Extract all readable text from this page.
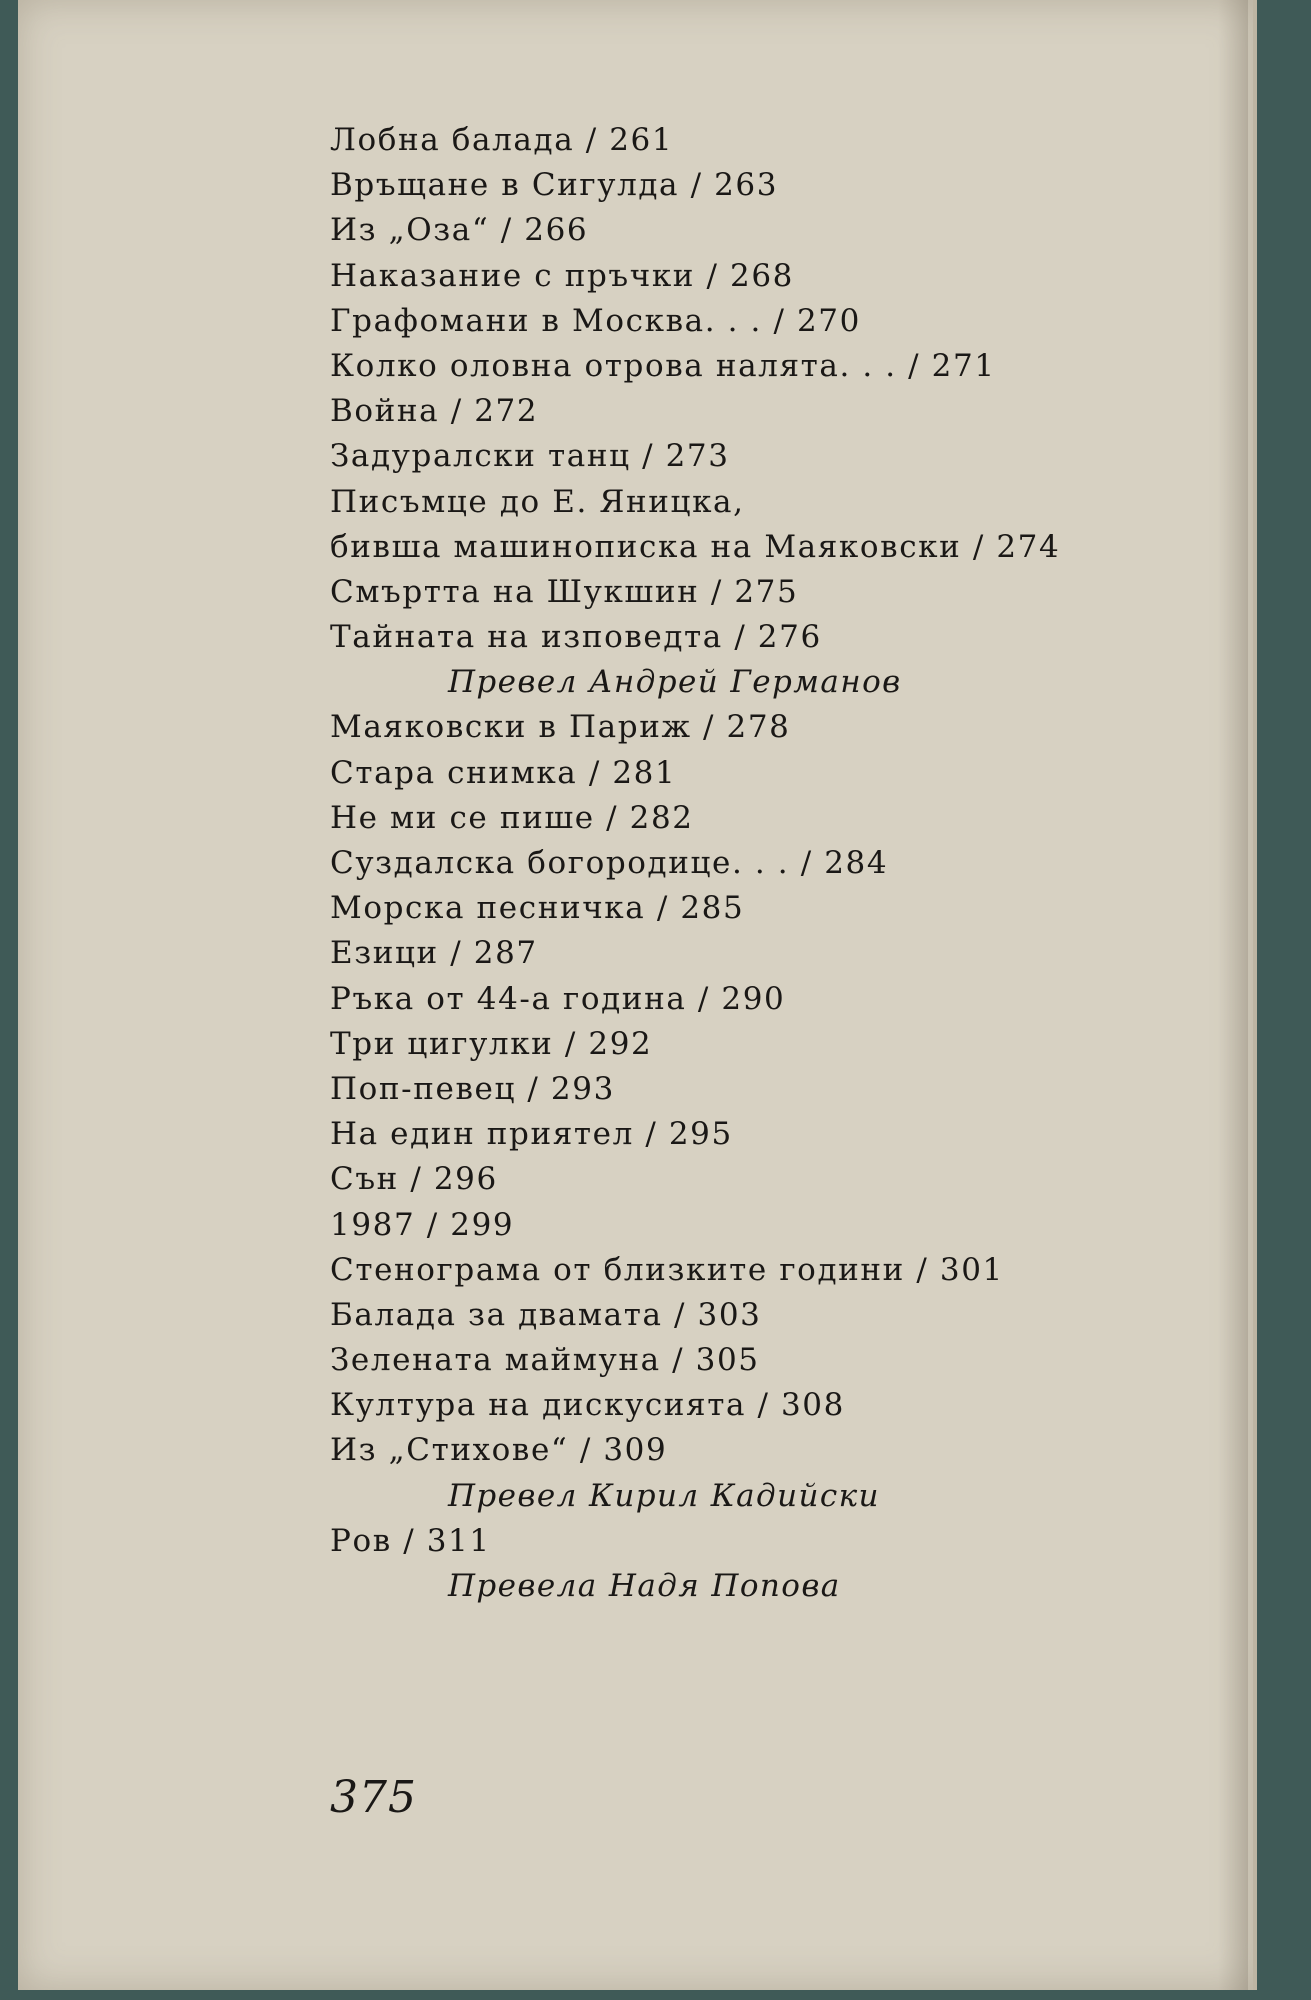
Лобна балада / 261
Връщане в Сигулда / 263
Из „Оза“ / 266
Наказание с пръчки / 268
Графомани в Москва. . . / 270
Колко оловна отрова налята. . . / 271
Война / 272
Задуралски танц / 273
Писъмце до Е. Яницка,
бивша машинописка на Маяковски / 274
Смъртта на Шукшин / 275
Тайната на изповедта / 276
Превел Андрей Германов
Маяковски в Париж / 278
Стара снимка / 281
Не ми се пише / 282
Суздалска богородице. . . / 284
Морска песничка / 285
Езици / 287
Ръка от 44-а година / 290
Три цигулки / 292
Поп-певец / 293
На един приятел / 295
Сън / 296
1987 / 299
Стенограма от близките години / 301
Балада за двамата / 303
Зелената маймуна / 305
Култура на дискусията / 308
Из „Стихове“ / 309
Превел Кирил Кадийски
Ров / 311
Превела Надя Попова
375
